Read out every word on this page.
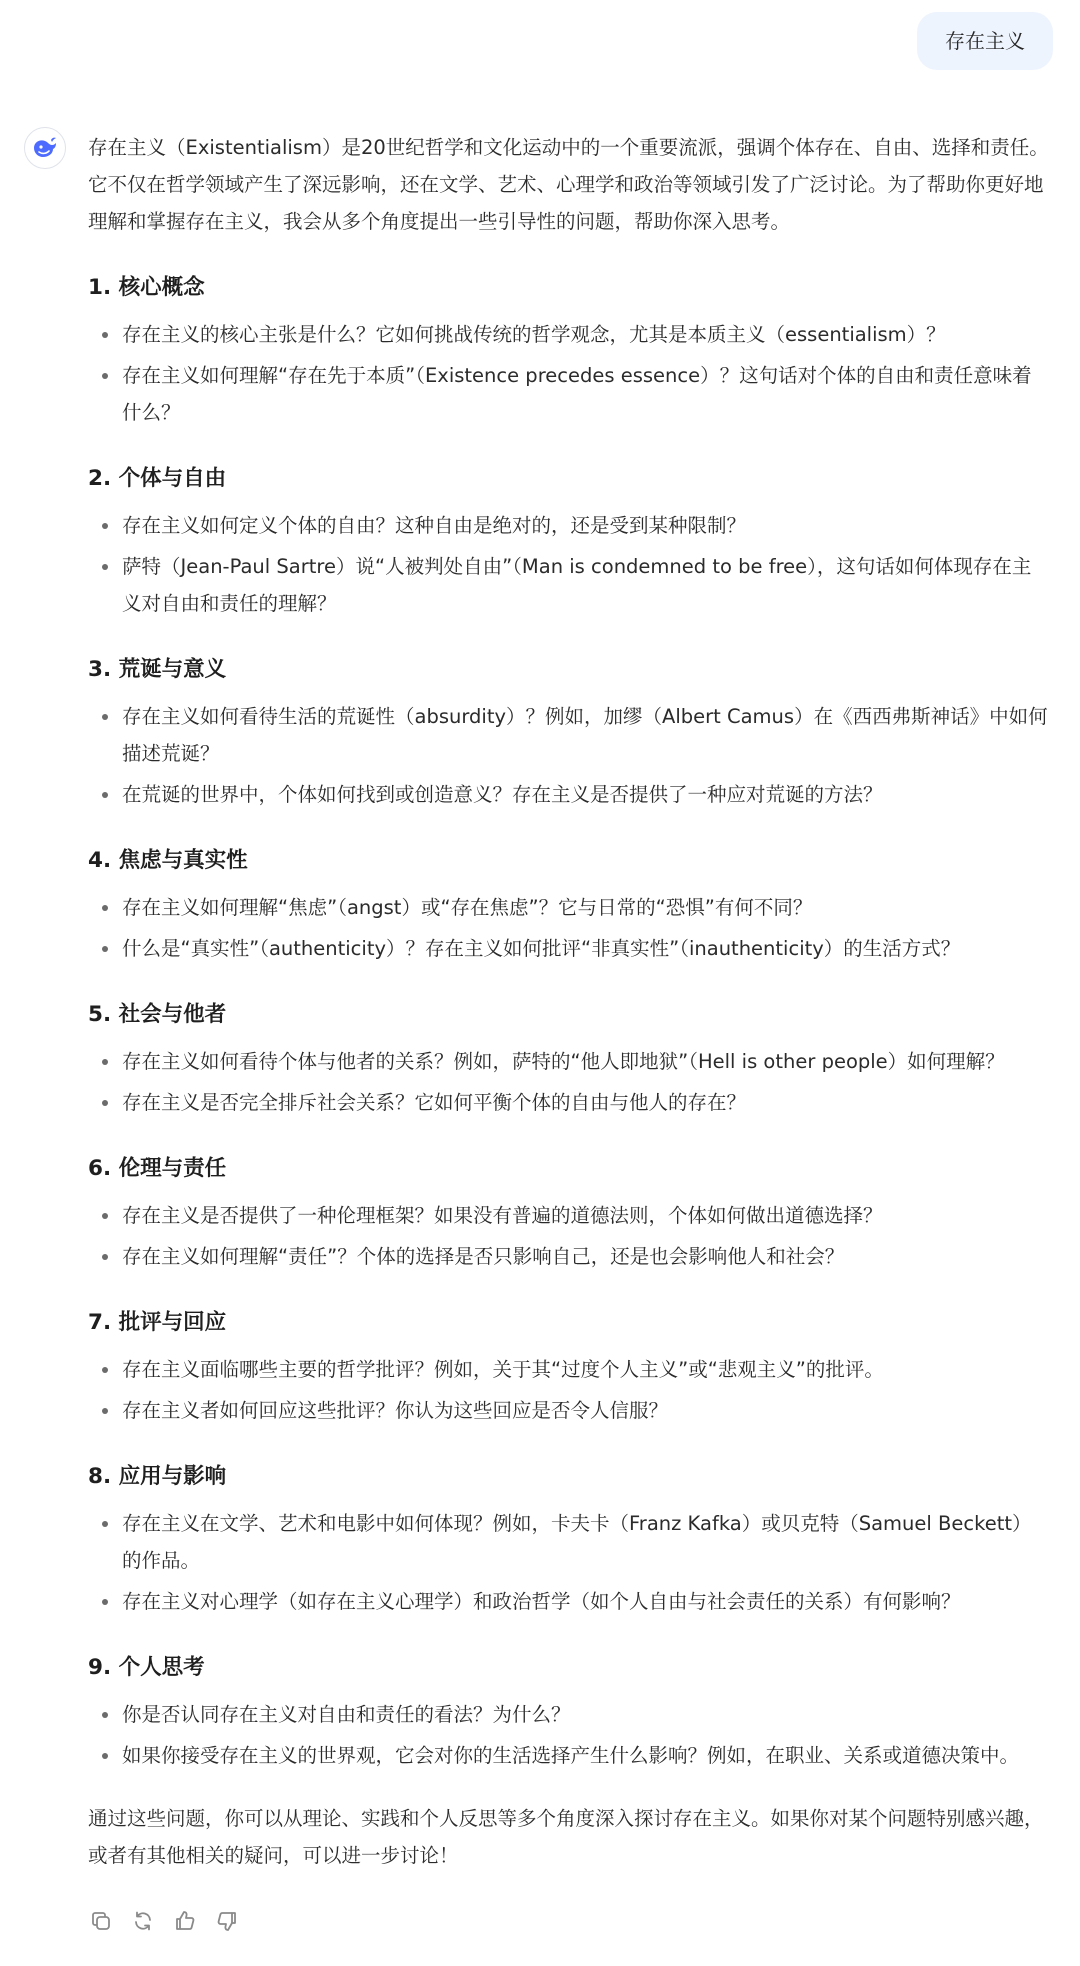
存在主义

存在主义（Existentialism）是20世纪哲学和文化运动中的一个重要流派，强调个体存在、自由、选择和责任。它不仅在哲学领域产生了深远影响，还在文学、艺术、心理学和政治等领域引发了广泛讨论。为了帮助你更好地理解和掌握存在主义，我会从多个角度提出一些引导性的问题，帮助你深入思考。

1. 核心概念
存在主义的核心主张是什么？它如何挑战传统的哲学观念，尤其是本质主义（essentialism）？
存在主义如何理解“存在先于本质”（Existence precedes essence）？这句话对个体的自由和责任意味着什么？
2. 个体与自由
存在主义如何定义个体的自由？这种自由是绝对的，还是受到某种限制？
萨特（Jean-Paul Sartre）说“人被判处自由”（Man is condemned to be free），这句话如何体现存在主义对自由和责任的理解？
3. 荒诞与意义
存在主义如何看待生活的荒诞性（absurdity）？例如，加缪（Albert Camus）在《西西弗斯神话》中如何描述荒诞？
在荒诞的世界中，个体如何找到或创造意义？存在主义是否提供了一种应对荒诞的方法？
4. 焦虑与真实性
存在主义如何理解“焦虑”（angst）或“存在焦虑”？它与日常的“恐惧”有何不同？
什么是“真实性”（authenticity）？存在主义如何批评“非真实性”（inauthenticity）的生活方式？
5. 社会与他者
存在主义如何看待个体与他者的关系？例如，萨特的“他人即地狱”（Hell is other people）如何理解？
存在主义是否完全排斥社会关系？它如何平衡个体的自由与他人的存在？
6. 伦理与责任
存在主义是否提供了一种伦理框架？如果没有普遍的道德法则，个体如何做出道德选择？
存在主义如何理解“责任”？个体的选择是否只影响自己，还是也会影响他人和社会？
7. 批评与回应
存在主义面临哪些主要的哲学批评？例如，关于其“过度个人主义”或“悲观主义”的批评。
存在主义者如何回应这些批评？你认为这些回应是否令人信服？
8. 应用与影响
存在主义在文学、艺术和电影中如何体现？例如，卡夫卡（Franz Kafka）或贝克特（Samuel Beckett）的作品。
存在主义对心理学（如存在主义心理学）和政治哲学（如个人自由与社会责任的关系）有何影响？
9. 个人思考
你是否认同存在主义对自由和责任的看法？为什么？
如果你接受存在主义的世界观，它会对你的生活选择产生什么影响？例如，在职业、关系或道德决策中。

通过这些问题，你可以从理论、实践和个人反思等多个角度深入探讨存在主义。如果你对某个问题特别感兴趣，或者有其他相关的疑问，可以进一步讨论！
